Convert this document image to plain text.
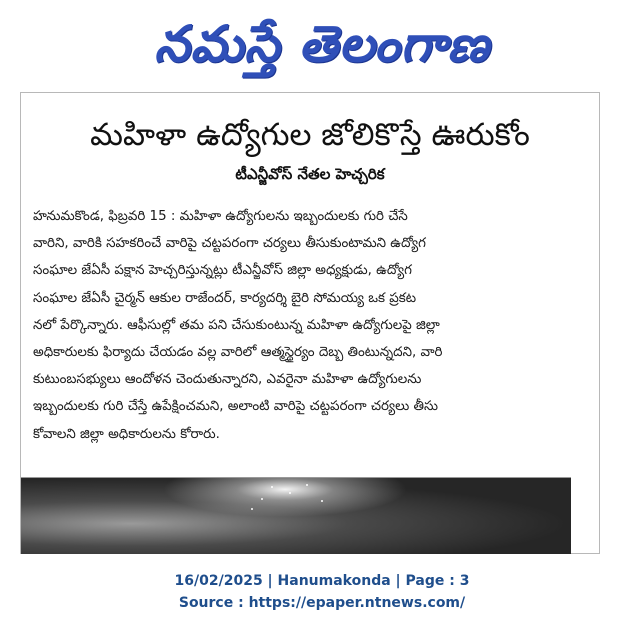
నమస్తే తెలంగాణ
మహిళా ఉద్యోగుల జోలికొస్తే ఊరుకోం
టీఎన్జీవోస్ నేతల హెచ్చరిక
హనుమకొండ, ఫిబ్రవరి 15 : మహిళా ఉద్యోగులను ఇబ్బందులకు గురి చేసే
వారిని, వారికి సహకరించే వారిపై చట్టపరంగా చర్యలు తీసుకుంటామని ఉద్యోగ
సంఘాల జేఏసీ పక్షాన హెచ్చరిస్తున్నట్లు టీఎన్జీవోస్ జిల్లా అధ్యక్షుడు, ఉద్యోగ
సంఘాల జేఏసీ చైర్మన్ ఆకుల రాజేందర్, కార్యదర్శి బైరి సోమయ్య ఒక ప్రకట
నలో పేర్కొన్నారు. ఆఫీసుల్లో తమ పని చేసుకుంటున్న మహిళా ఉద్యోగులపై జిల్లా
అధికారులకు ఫిర్యాదు చేయడం వల్ల వారిలో ఆత్మస్థైర్యం దెబ్బ తింటున్నదని, వారి
కుటుంబసభ్యులు ఆందోళన చెందుతున్నారని, ఎవరైనా మహిళా ఉద్యోగులను
ఇబ్బందులకు గురి చేస్తే ఉపేక్షించమని, అలాంటి వారిపై చట్టపరంగా చర్యలు తీసు
కోవాలని జిల్లా అధికారులను కోరారు.
16/02/2025 | Hanumakonda | Page : 3
Source : https://epaper.ntnews.com/
